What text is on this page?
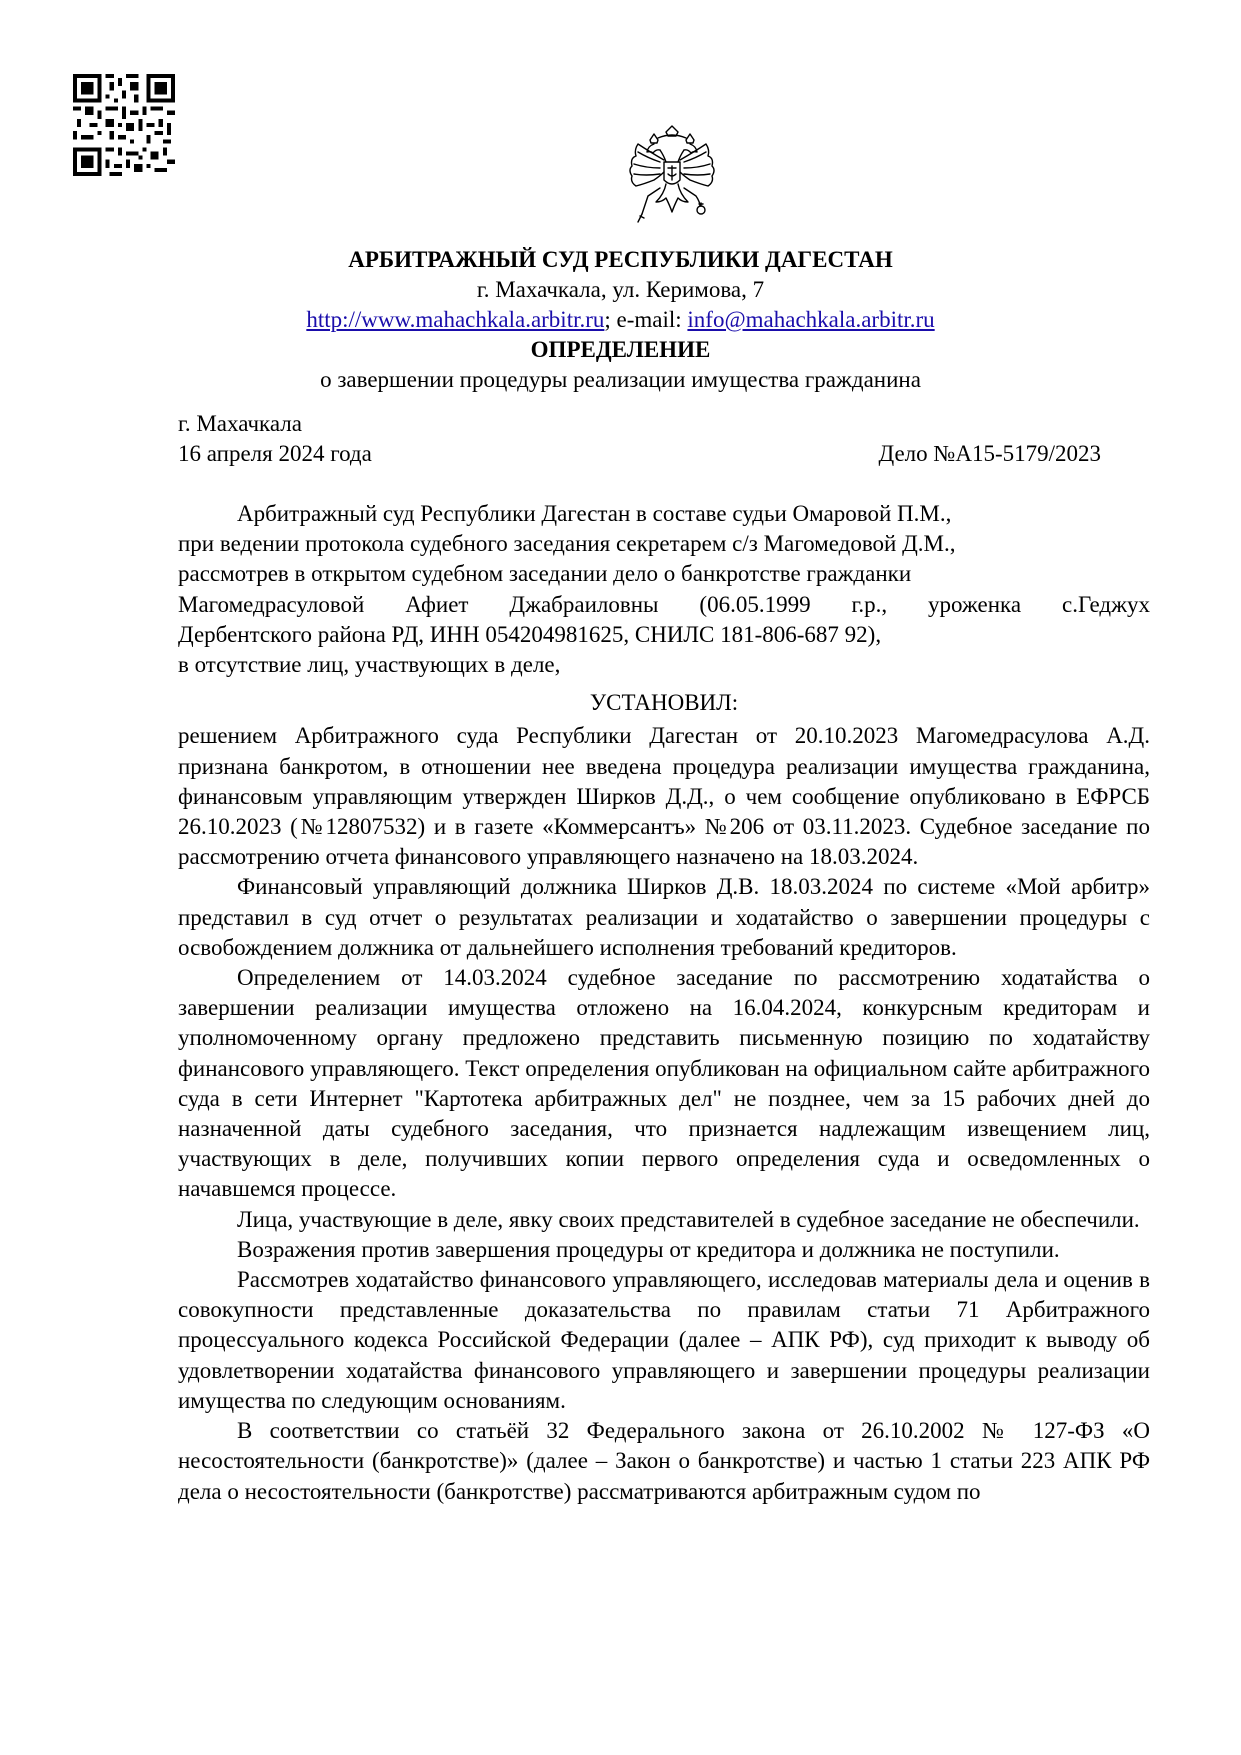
АРБИТРАЖНЫЙ СУД РЕСПУБЛИКИ ДАГЕСТАН
г. Махачкала, ул. Керимова, 7
http://www.mahachkala.arbitr.ru; e-mail: info@mahachkala.arbitr.ru
ОПРЕДЕЛЕНИЕ
о завершении процедуры реализации имущества гражданина
г. Махачкала
16 апреля 2024 года	Дело №А15-5179/2023

Арбитражный суд Республики Дагестан в составе судьи Омаровой П.М.,

при ведении протокола судебного заседания секретарем с/з Магомедовой Д.М.,

рассмотрев в открытом судебном заседании дело о банкротстве гражданки

Магомедрасуловой Афиет Джабраиловны (06.05.1999 г.р., уроженка с.Геджух

Дербентского района РД, ИНН 054204981625, СНИЛС 181-806-687 92),

в отсутствие лиц, участвующих в деле,

УСТАНОВИЛ:

решением Арбитражного суда Республики Дагестан от 20.10.2023 Магомедрасулова А.Д. признана банкротом, в отношении нее введена процедура реализации имущества гражданина, финансовым управляющим утвержден Ширков Д.Д., о чем сообщение опубликовано в ЕФРСБ 26.10.2023 (№12807532) и в газете «Коммерсантъ» №206 от 03.11.2023. Судебное заседание по рассмотрению отчета финансового управляющего назначено на 18.03.2024.

Финансовый управляющий должника Ширков Д.В. 18.03.2024 по системе «Мой арбитр» представил в суд отчет о результатах реализации и ходатайство о завершении процедуры с освобождением должника от дальнейшего исполнения требований кредиторов.

Определением от 14.03.2024 судебное заседание по рассмотрению ходатайства о завершении реализации имущества отложено на 16.04.2024, конкурсным кредиторам и уполномоченному органу предложено представить письменную позицию по ходатайству финансового управляющего. Текст определения опубликован на официальном сайте арбитражного суда в сети Интернет "Картотека арбитражных дел" не позднее, чем за 15 рабочих дней до назначенной даты судебного заседания, что признается надлежащим извещением лиц, участвующих в деле, получивших копии первого определения суда и осведомленных о начавшемся процессе.

Лица, участвующие в деле, явку своих представителей в судебное заседание не обеспечили.

Возражения против завершения процедуры от кредитора и должника не поступили.

Рассмотрев ходатайство финансового управляющего, исследовав материалы дела и оценив в совокупности представленные доказательства по правилам статьи 71 Арбитражного процессуального кодекса Российской Федерации (далее – АПК РФ), суд приходит к выводу об удовлетворении ходатайства финансового управляющего и завершении процедуры реализации имущества по следующим основаниям.

В соответствии со статьёй 32 Федерального закона от 26.10.2002 № 127-ФЗ «О несостоятельности (банкротстве)» (далее – Закон о банкротстве) и частью 1 статьи 223 АПК РФ дела о несостоятельности (банкротстве) рассматриваются арбитражным судом по
